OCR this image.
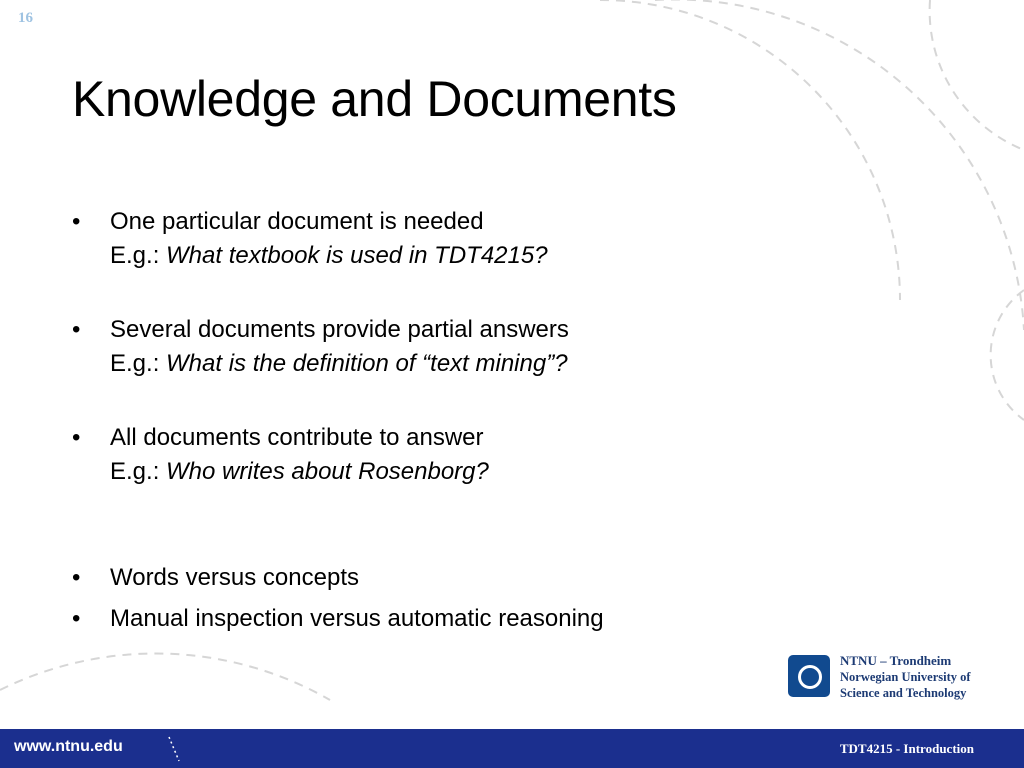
16
Knowledge and Documents
• One particular document is needed
E.g.: What textbook is used in TDT4215?
• Several documents provide partial answers
E.g.: What is the definition of “text mining”?
• All documents contribute to answer
E.g.: Who writes about Rosenborg?
• Words versus concepts
• Manual inspection versus automatic reasoning
NTNU – Trondheim
Norwegian University of
Science and Technology
www.ntnu.edu	TDT4215 - Introduction
